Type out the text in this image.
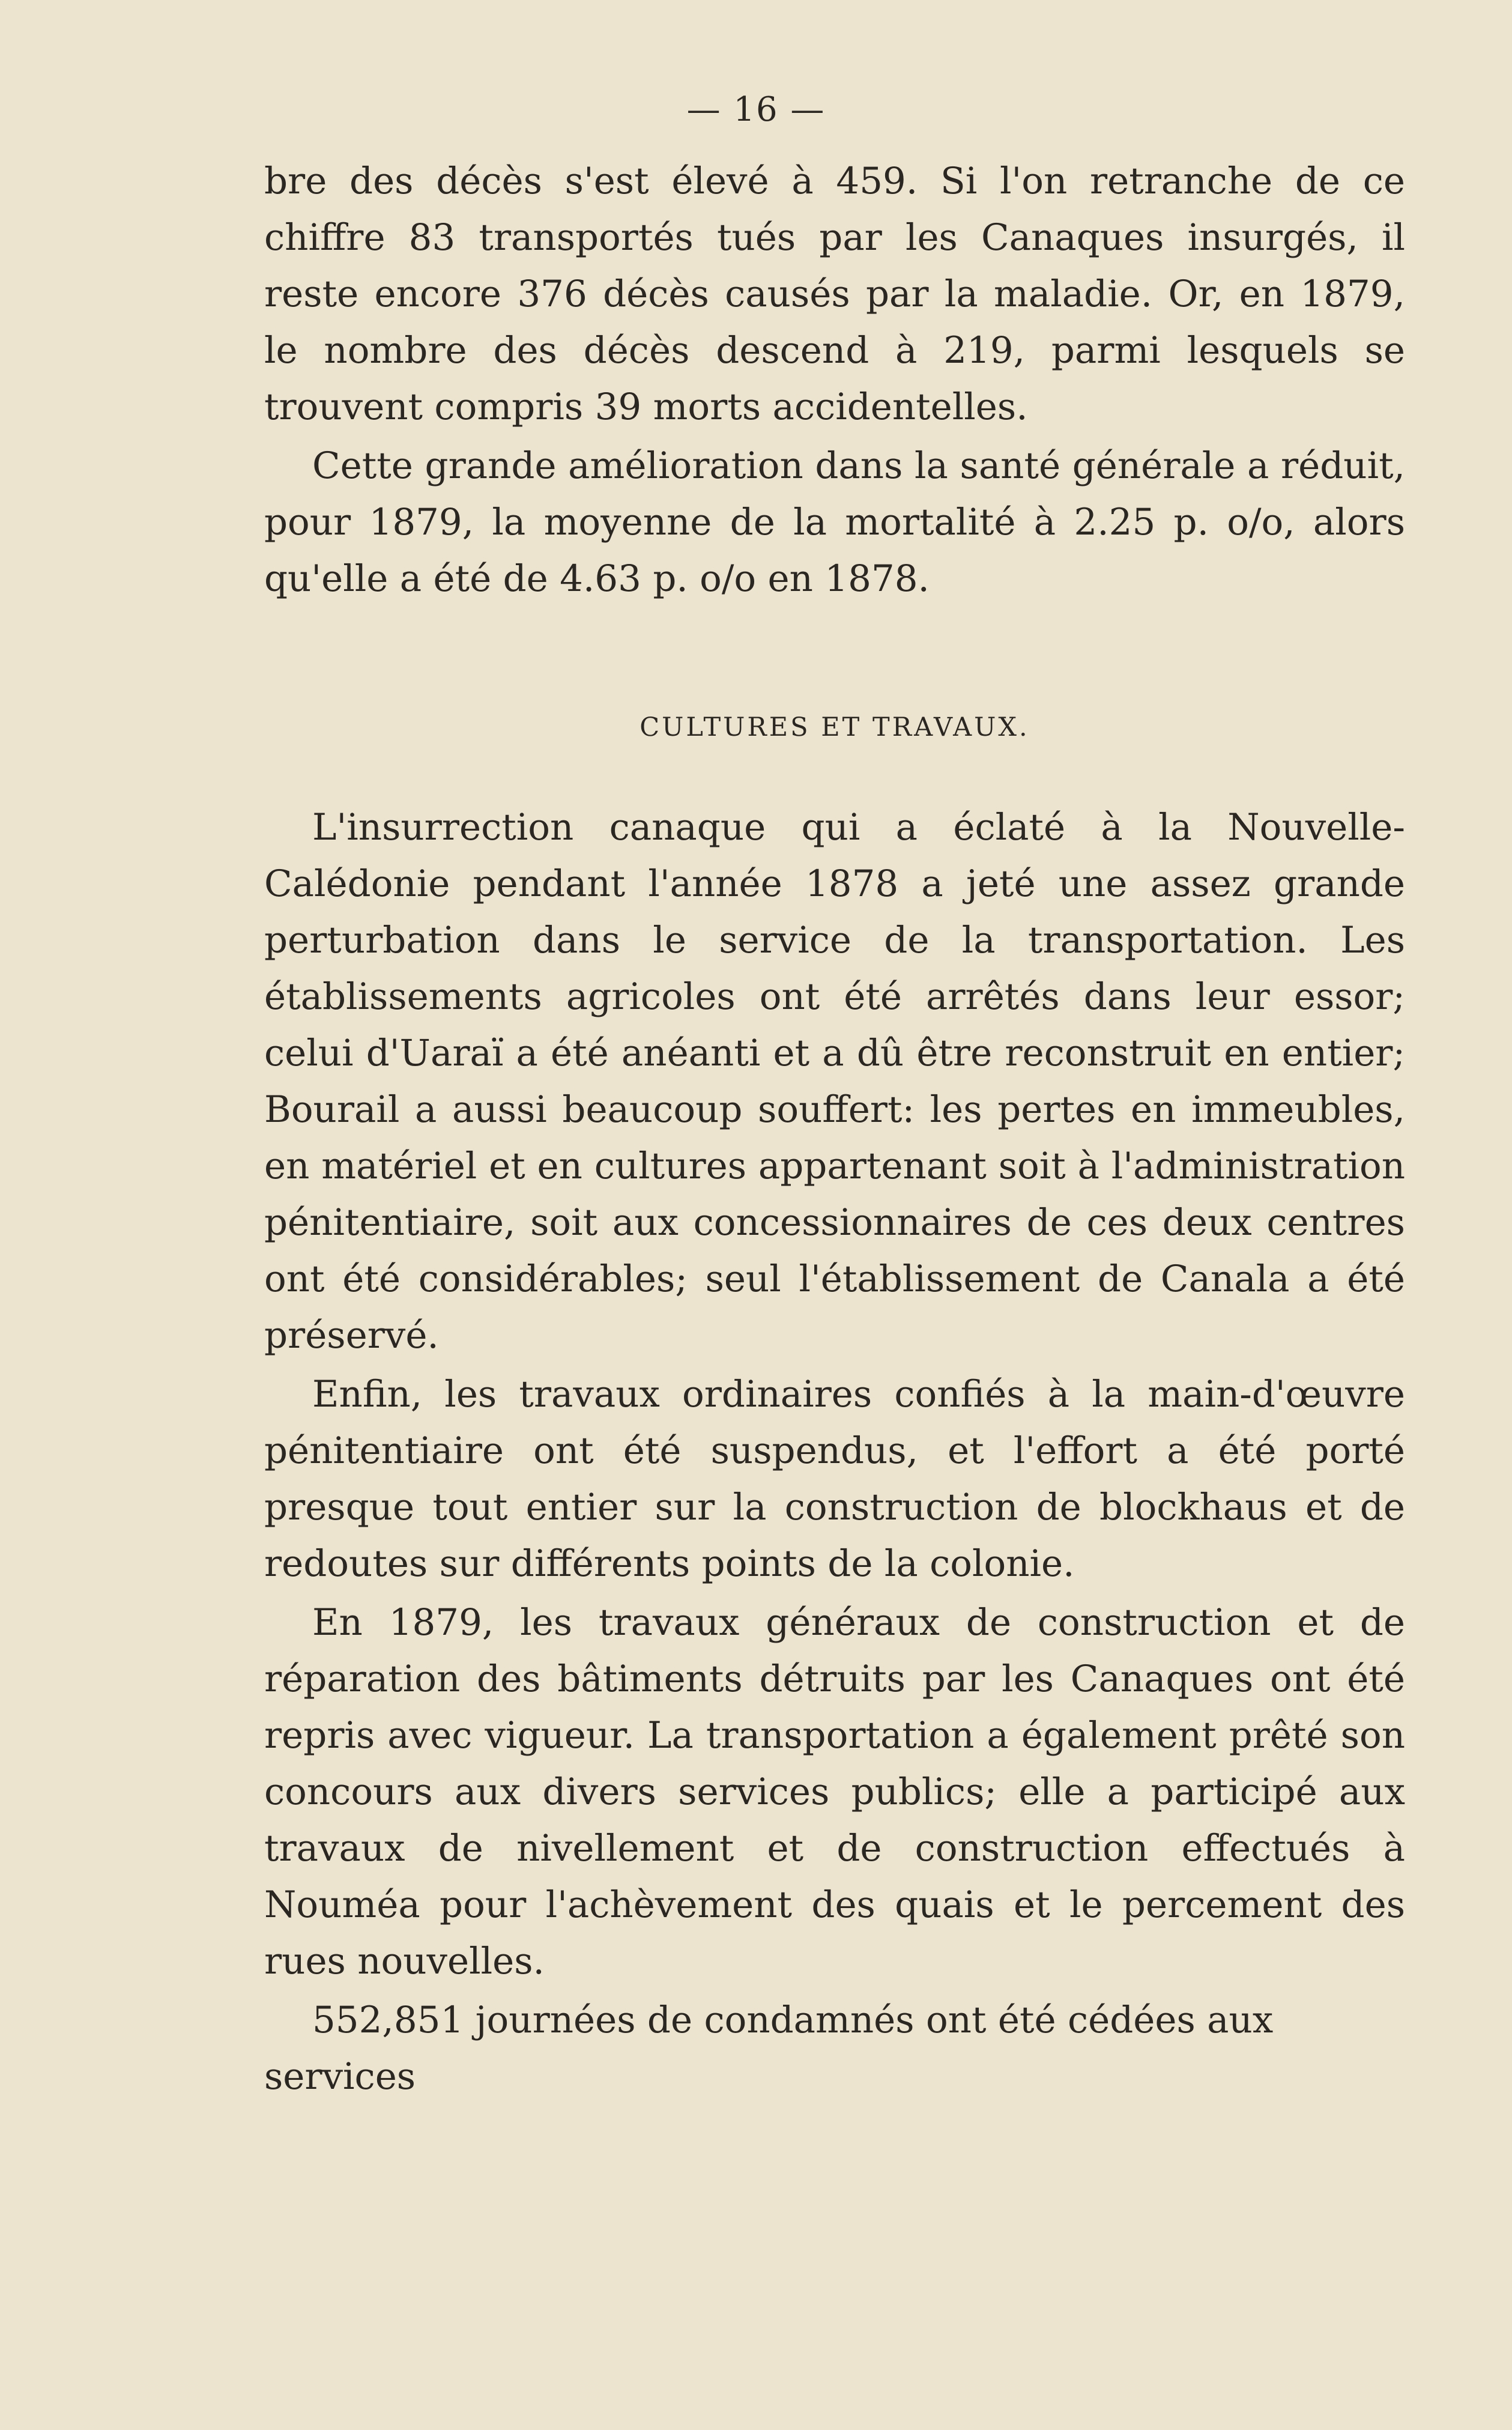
— 16 —

bre des décès s'est élevé à 459. Si l'on retranche de ce chiffre 83 transportés tués par les Canaques insurgés, il reste encore 376 décès causés par la maladie. Or, en 1879, le nombre des décès descend à 219, parmi lesquels se trouvent compris 39 morts accidentelles.

Cette grande amélioration dans la santé générale a réduit, pour 1879, la moyenne de la mortalité à 2.25 p. o/o, alors qu'elle a été de 4.63 p. o/o en 1878.

CULTURES ET TRAVAUX.

L'insurrection canaque qui a éclaté à la Nouvelle-Calédonie pendant l'année 1878 a jeté une assez grande perturbation dans le service de la transportation. Les établissements agricoles ont été arrêtés dans leur essor; celui d'Uaraï a été anéanti et a dû être reconstruit en entier; Bourail a aussi beaucoup souffert: les pertes en immeubles, en matériel et en cultures appartenant soit à l'administration pénitentiaire, soit aux concessionnaires de ces deux centres ont été considérables; seul l'établissement de Canala a été préservé.

Enfin, les travaux ordinaires confiés à la main-d'œuvre pénitentiaire ont été suspendus, et l'effort a été porté presque tout entier sur la construction de blockhaus et de redoutes sur différents points de la colonie.

En 1879, les travaux généraux de construction et de réparation des bâtiments détruits par les Canaques ont été repris avec vigueur. La transportation a également prêté son concours aux divers services publics; elle a participé aux travaux de nivellement et de construction effectués à Nouméa pour l'achèvement des quais et le percement des rues nouvelles.

552,851 journées de condamnés ont été cédées aux services
